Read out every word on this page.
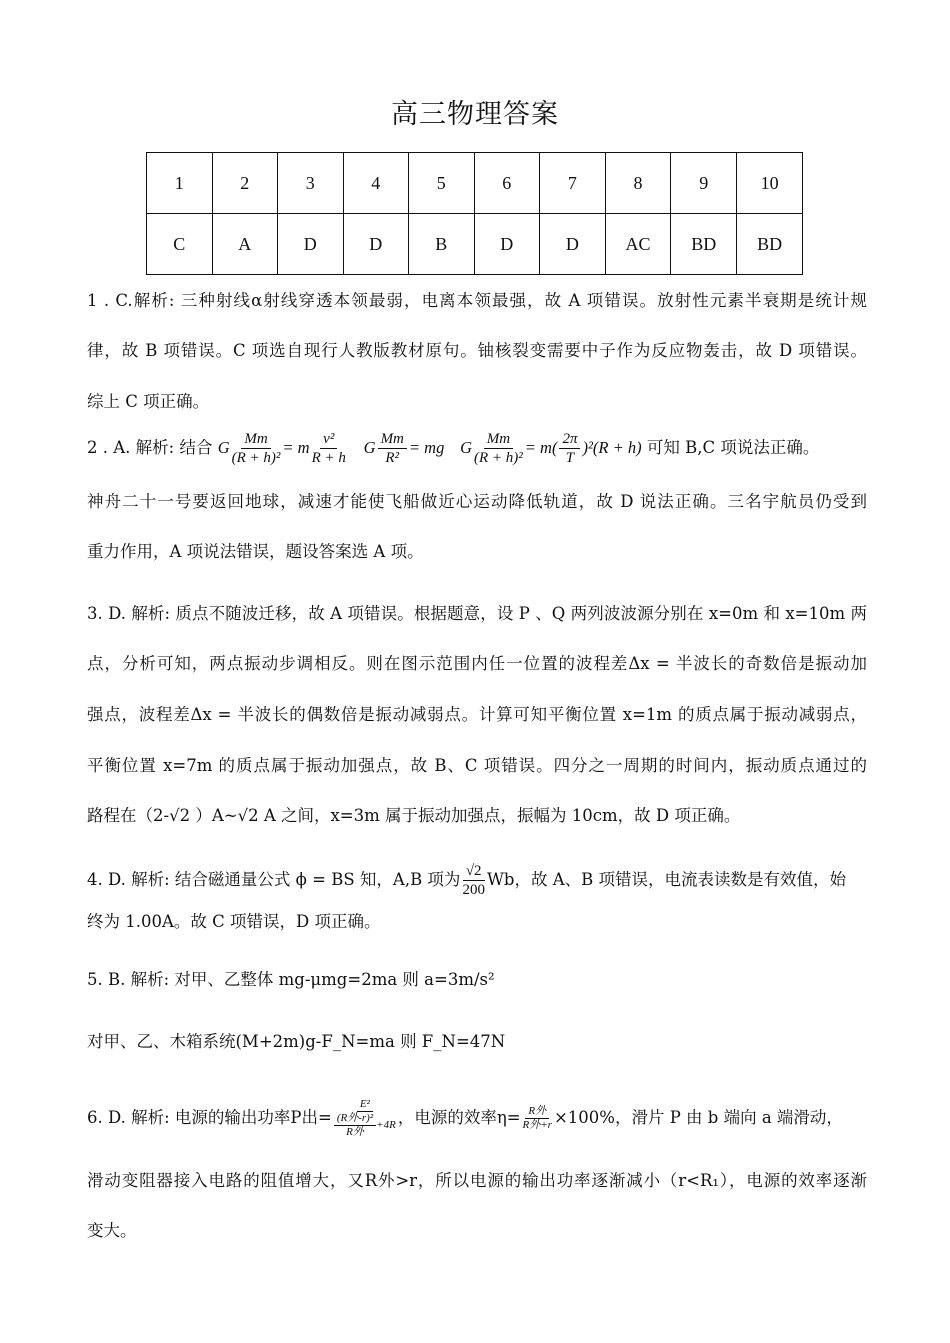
高三物理答案
1	2	3	4	5	6	7	8	9	10
C	A	D	D	B	D	D	AC	BD	BD
1 . C.解析: 三种射线α射线穿透本领最弱，电离本领最强，故 A 项错误。放射性元素半衰期是统计规
律，故 B 项错误。C 项选自现行人教版教材原句。铀核裂变需要中子作为反应物轰击，故 D 项错误。
综上 C 项正确。
2 . A. 解析: 结合 G $\frac{Mm}{\text{(R + h)²}} = m \frac{\text{v²}}{R + h}$ G $\frac{Mm}{\text{R²}}$ = mg G $\frac{Mm}{\text{(R + h)²}} = m( \frac{2\pi}{T} )^2(R + h)$ 可知 B,C 项说法正确。
神舟二十一号要返回地球，减速才能使飞船做近心运动降低轨道，故 D 说法正确。三名宇航员仍受到
重力作用，A 项说法错误，题设答案选 A 项。
3. D. 解析: 质点不随波迁移，故 A 项错误。根据题意，设 P 、Q 两列波波源分别在 x=0m 和 x=10m 两
点，分析可知，两点振动步调相反。则在图示范围内任一位置的波程差Δx = 半波长的奇数倍是振动加
强点，波程差Δx = 半波长的偶数倍是振动减弱点。计算可知平衡位置 x=1m 的质点属于振动减弱点，
平衡位置 x=7m 的质点属于振动加强点，故 B、C 项错误。四分之一周期的时间内，振动质点通过的
路程在（2-√2 ）A~√2 A 之间，x=3m 属于振动加强点，振幅为 10cm，故 D 项正确。
4. D. 解析: 结合磁通量公式 ϕ = BS 知，A,B 项为 $\frac{√2}{200}$ Wb，故 A、B 项错误，电流表读数是有效值，始
终为 1.00A。故 C 项错误，D 项正确。
5. B. 解析: 对甲、乙整体 mg-μmg=2ma 则 a=3m/s²
对甲、乙、木箱系统(M+2m)g-F_N=ma 则 F_N=47N
6. D. 解析: 电源的输出功率P出= $\frac{\text{E²}}{\frac{\text{(R外-r)²}}{\text{R外}} +4R}$ ，电源的效率$\eta= \frac{\text{R外}}{\text{R外+r}} \times 100\%$，滑片 P 由 b 端向 a 端滑动，
滑动变阻器接入电路的阻值增大，又R外>r，所以电源的输出功率逐渐减小（r<R₁），电源的效率逐渐
变大。
